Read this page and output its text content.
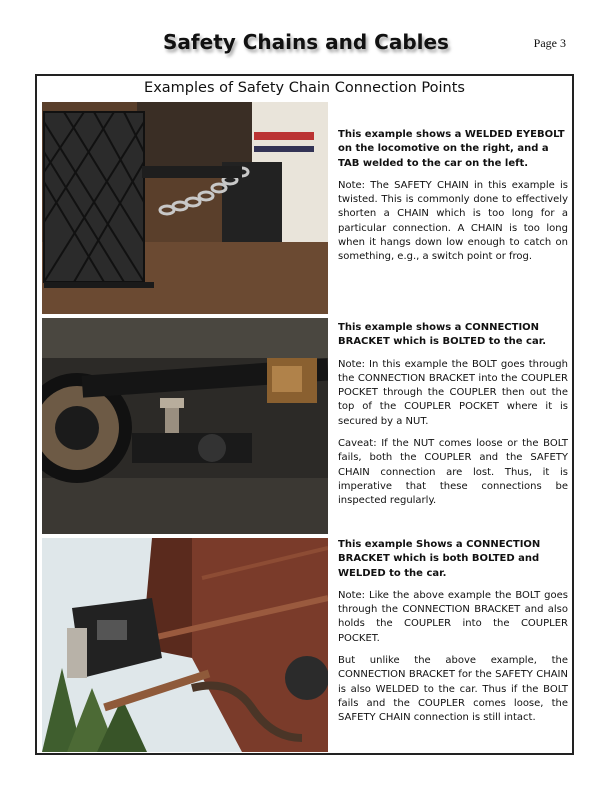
Safety Chains and Cables	Page 3
Examples of Safety Chain Connection Points

This example shows a WELDED EYEBOLT on the locomotive on the right, and a TAB welded to the car on the left.

Note: The SAFETY CHAIN in this example is twisted. This is commonly done to effectively shorten a CHAIN which is too long for a particular connection. A CHAIN is too long when it hangs down low enough to catch on something, e.g., a switch point or frog.

This example shows a CONNECTION BRACKET which is BOLTED to the car.

Note: In this example the BOLT goes through the CONNECTION BRACKET into the COUPLER POCKET through the COUPLER then out the top of the COUPLER POCKET where it is secured by a NUT.

Caveat: If the NUT comes loose or the BOLT fails, both the COUPLER and the SAFETY CHAIN connection are lost. Thus, it is imperative that these connections be inspected regularly.

This example Shows a CONNECTION BRACKET which is both BOLTED and WELDED to the car.

Note: Like the above example the BOLT goes through the CONNECTION BRACKET and also holds the COUPLER into the COUPLER POCKET.

But unlike the above example, the CONNECTION BRACKET for the SAFETY CHAIN is also WELDED to the car. Thus if the BOLT fails and the COUPLER comes loose, the SAFETY CHAIN connection is still intact.
